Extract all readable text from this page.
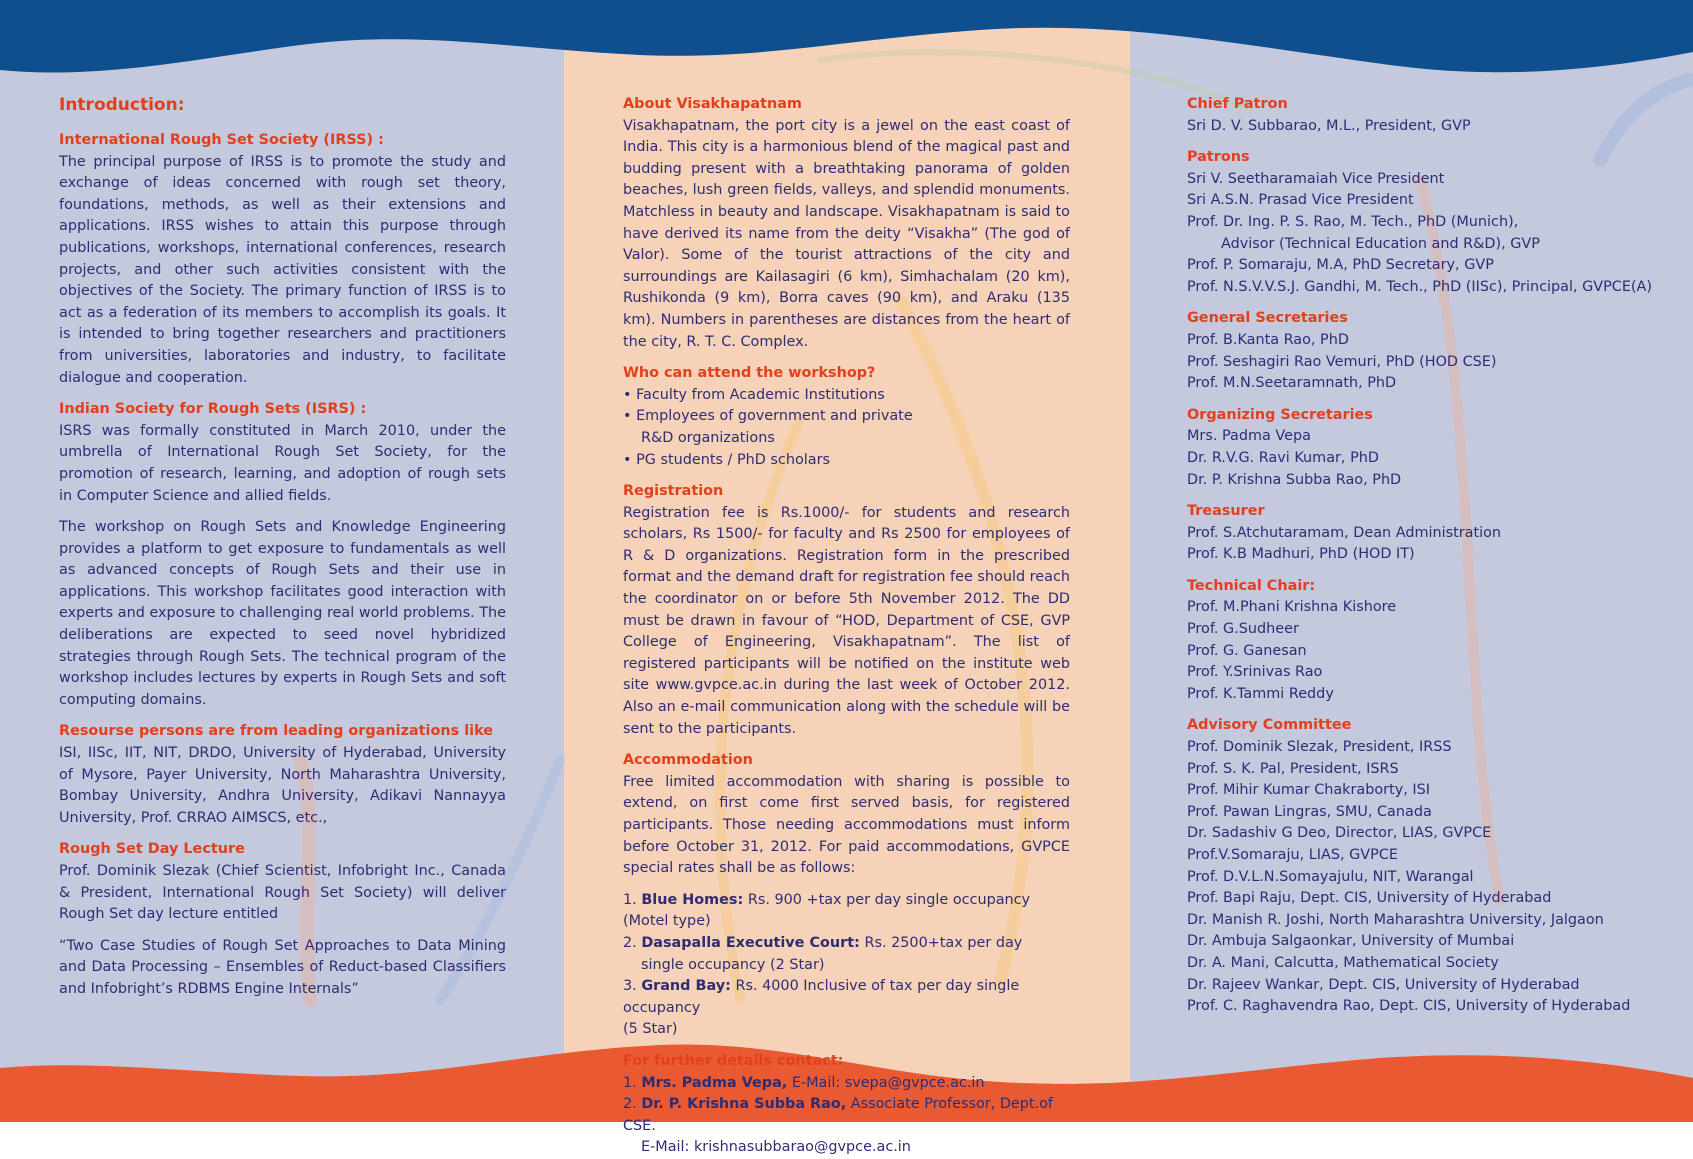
Introduction:
International Rough Set Society (IRSS) :

The principal purpose of IRSS is to promote the study and exchange of ideas concerned with rough set theory, foundations, methods, as well as their extensions and applications. IRSS wishes to attain this purpose through publications, workshops, international conferences, research projects, and other such activities consistent with the objectives of the Society. The primary function of IRSS is to act as a federation of its members to accomplish its goals. It is intended to bring together researchers and practitioners from universities, laboratories and industry, to facilitate dialogue and cooperation.

Indian Society for Rough Sets (ISRS) :

ISRS was formally constituted in March 2010, under the umbrella of International Rough Set Society, for the promotion of research, learning, and adoption of rough sets in Computer Science and allied fields.

The workshop on Rough Sets and Knowledge Engineering provides a platform to get exposure to fundamentals as well as advanced concepts of Rough Sets and their use in applications. This workshop facilitates good interaction with experts and exposure to challenging real world problems. The deliberations are expected to seed novel hybridized strategies through Rough Sets. The technical program of the workshop includes lectures by experts in Rough Sets and soft computing domains.

Resourse persons are from leading organizations like

ISI, IISc, IIT, NIT, DRDO, University of Hyderabad, University of Mysore, Payer University, North Maharashtra University, Bombay University, Andhra University, Adikavi Nannayya University, Prof. CRRAO AIMSCS, etc.,

Rough Set Day Lecture

Prof. Dominik Slezak (Chief Scientist, Infobright Inc., Canada & President, International Rough Set Society) will deliver Rough Set day lecture entitled

“Two Case Studies of Rough Set Approaches to Data Mining and Data Processing – Ensembles of Reduct-based Classifiers and Infobright’s RDBMS Engine Internals”

About Visakhapatnam

Visakhapatnam, the port city is a jewel on the east coast of India. This city is a harmonious blend of the magical past and budding present with a breathtaking panorama of golden beaches, lush green fields, valleys, and splendid monuments. Matchless in beauty and landscape. Visakhapatnam is said to have derived its name from the deity “Visakha” (The god of Valor). Some of the tourist attractions of the city and surroundings are Kailasagiri (6 km), Simhachalam (20 km), Rushikonda (9 km), Borra caves (90 km), and Araku (135 km). Numbers in parentheses are distances from the heart of the city, R. T. C. Complex.

Who can attend the workshop?
• Faculty from Academic Institutions
• Employees of government and private
R&D organizations
• PG students / PhD scholars
Registration

Registration fee is Rs.1000/- for students and research scholars, Rs 1500/- for faculty and Rs 2500 for employees of R & D organizations. Registration form in the prescribed format and the demand draft for registration fee should reach the coordinator on or before 5th November 2012. The DD must be drawn in favour of “HOD, Department of CSE, GVP College of Engineering, Visakhapatnam”. The list of registered participants will be notified on the institute web site www.gvpce.ac.in during the last week of October 2012. Also an e-mail communication along with the schedule will be sent to the participants.

Accommodation

Free limited accommodation with sharing is possible to extend, on first come first served basis, for registered participants. Those needing accommodations must inform before October 31, 2012. For paid accommodations, GVPCE special rates shall be as follows:

1. Blue Homes: Rs. 900 +tax per day single occupancy (Motel type)
2. Dasapalla Executive Court: Rs. 2500+tax per day
single occupancy (2 Star)
3. Grand Bay: Rs. 4000 Inclusive of tax per day single occupancy
(5 Star)
For further details contact:
1. Mrs. Padma Vepa, E-Mail: svepa@gvpce.ac.in
2. Dr. P. Krishna Subba Rao, Associate Professor, Dept.of CSE.
E-Mail: krishnasubbarao@gvpce.ac.in
Chief Patron
Sri D. V. Subbarao, M.L., President, GVP
Patrons
Sri V. Seetharamaiah Vice President
Sri A.S.N. Prasad Vice President
Prof. Dr. Ing. P. S. Rao, M. Tech., PhD (Munich),
Advisor (Technical Education and R&D), GVP
Prof. P. Somaraju, M.A, PhD Secretary, GVP
Prof. N.S.V.V.S.J. Gandhi, M. Tech., PhD (IISc), Principal, GVPCE(A)
General Secretaries
Prof. B.Kanta Rao, PhD
Prof. Seshagiri Rao Vemuri, PhD (HOD CSE)
Prof. M.N.Seetaramnath, PhD
Organizing Secretaries
Mrs. Padma Vepa
Dr. R.V.G. Ravi Kumar, PhD
Dr. P. Krishna Subba Rao, PhD
Treasurer
Prof. S.Atchutaramam, Dean Administration
Prof. K.B Madhuri, PhD (HOD IT)
Technical Chair:
Prof. M.Phani Krishna Kishore
Prof. G.Sudheer
Prof. G. Ganesan
Prof. Y.Srinivas Rao
Prof. K.Tammi Reddy
Advisory Committee
Prof. Dominik Slezak, President, IRSS
Prof. S. K. Pal, President, ISRS
Prof. Mihir Kumar Chakraborty, ISI
Prof. Pawan Lingras, SMU, Canada
Dr. Sadashiv G Deo, Director, LIAS, GVPCE
Prof.V.Somaraju, LIAS, GVPCE
Prof. D.V.L.N.Somayajulu, NIT, Warangal
Prof. Bapi Raju, Dept. CIS, University of Hyderabad
Dr. Manish R. Joshi, North Maharashtra University, Jalgaon
Dr. Ambuja Salgaonkar, University of Mumbai
Dr. A. Mani, Calcutta, Mathematical Society
Dr. Rajeev Wankar, Dept. CIS, University of Hyderabad
Prof. C. Raghavendra Rao, Dept. CIS, University of Hyderabad
